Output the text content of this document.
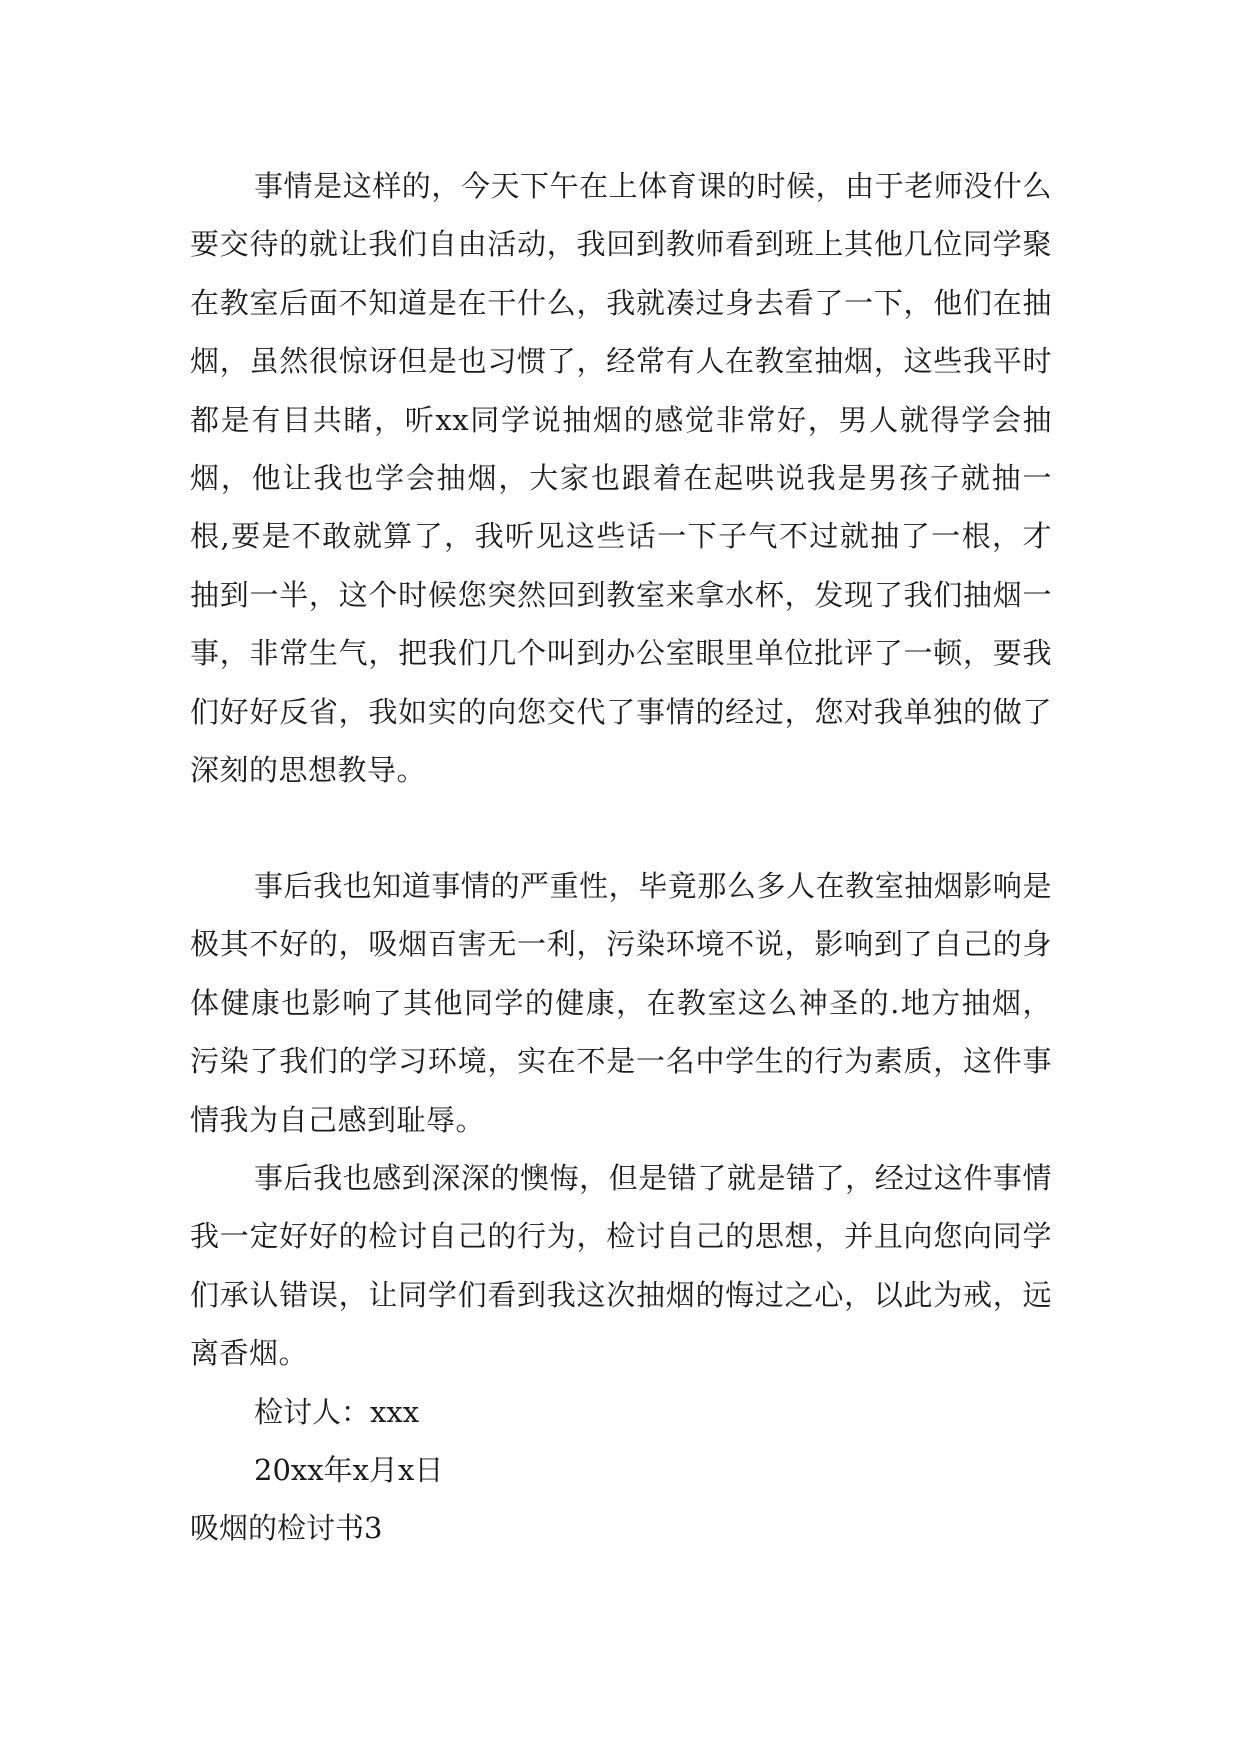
事情是这样的，今天下午在上体育课的时候，由于老师没什么要交待的就让我们自由活动，我回到教师看到班上其他几位同学聚在教室后面不知道是在干什么，我就凑过身去看了一下，他们在抽烟，虽然很惊讶但是也习惯了，经常有人在教室抽烟，这些我平时都是有目共睹，听xx同学说抽烟的感觉非常好，男人就得学会抽烟，他让我也学会抽烟，大家也跟着在起哄说我是男孩子就抽一根,要是不敢就算了，我听见这些话一下子气不过就抽了一根，才抽到一半，这个时候您突然回到教室来拿水杯，发现了我们抽烟一事，非常生气，把我们几个叫到办公室眼里单位批评了一顿，要我们好好反省，我如实的向您交代了事情的经过，您对我单独的做了深刻的思想教导。

事后我也知道事情的严重性，毕竟那么多人在教室抽烟影响是极其不好的，吸烟百害无一利，污染环境不说，影响到了自己的身体健康也影响了其他同学的健康，在教室这么神圣的.地方抽烟，污染了我们的学习环境，实在不是一名中学生的行为素质，这件事情我为自己感到耻辱。

事后我也感到深深的懊悔，但是错了就是错了，经过这件事情我一定好好的检讨自己的行为，检讨自己的思想，并且向您向同学们承认错误，让同学们看到我这次抽烟的悔过之心，以此为戒，远离香烟。

检讨人：xxx

20xx年x月x日

吸烟的检讨书3
